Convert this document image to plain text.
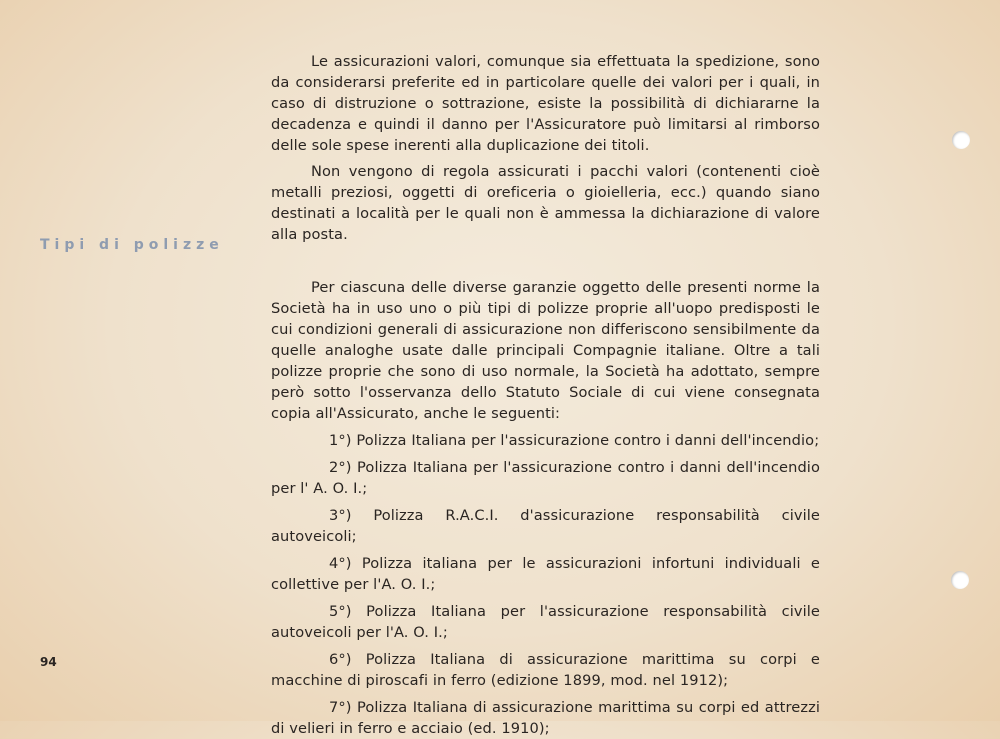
Tipi di polizze

Le assicurazioni valori, comunque sia effettuata la spedizione, sono da considerarsi preferite ed in particolare quelle dei valori per i quali, in caso di distruzione o sottrazione, esiste la possibilità di dichiararne la decadenza e quindi il danno per l'Assicuratore può limitarsi al rimborso delle sole spese inerenti alla duplicazione dei titoli.

Non vengono di regola assicurati i pacchi valori (contenenti cioè metalli preziosi, oggetti di oreficeria o gioielleria, ecc.) quando siano destinati a località per le quali non è ammessa la dichiarazione di valore alla posta.

Per ciascuna delle diverse garanzie oggetto delle presenti norme la Società ha in uso uno o più tipi di polizze proprie all'uopo predisposti le cui condizioni generali di assicurazione non differiscono sensibilmente da quelle analoghe usate dalle principali Compagnie italiane. Oltre a tali polizze proprie che sono di uso normale, la Società ha adottato, sempre però sotto l'osservanza dello Statuto Sociale di cui viene consegnata copia all'Assicurato, anche le seguenti:

1°) Polizza Italiana per l'assicurazione contro i danni dell'incendio;

2°) Polizza Italiana per l'assicurazione contro i danni dell'incendio per l' A. O. I.;

3°) Polizza R.A.C.I. d'assicurazione responsabilità civile autoveicoli;

4°) Polizza italiana per le assicurazioni infortuni individuali e collettive per l'A. O. I.;

5°) Polizza Italiana per l'assicurazione responsabilità civile autoveicoli per l'A. O. I.;

6°) Polizza Italiana di assicurazione marittima su corpi e macchine di piroscafi in ferro (edizione 1899, mod. nel 1912);

7°) Polizza Italiana di assicurazione marittima su corpi ed attrezzi di velieri in ferro e acciaio (ed. 1910);

94
